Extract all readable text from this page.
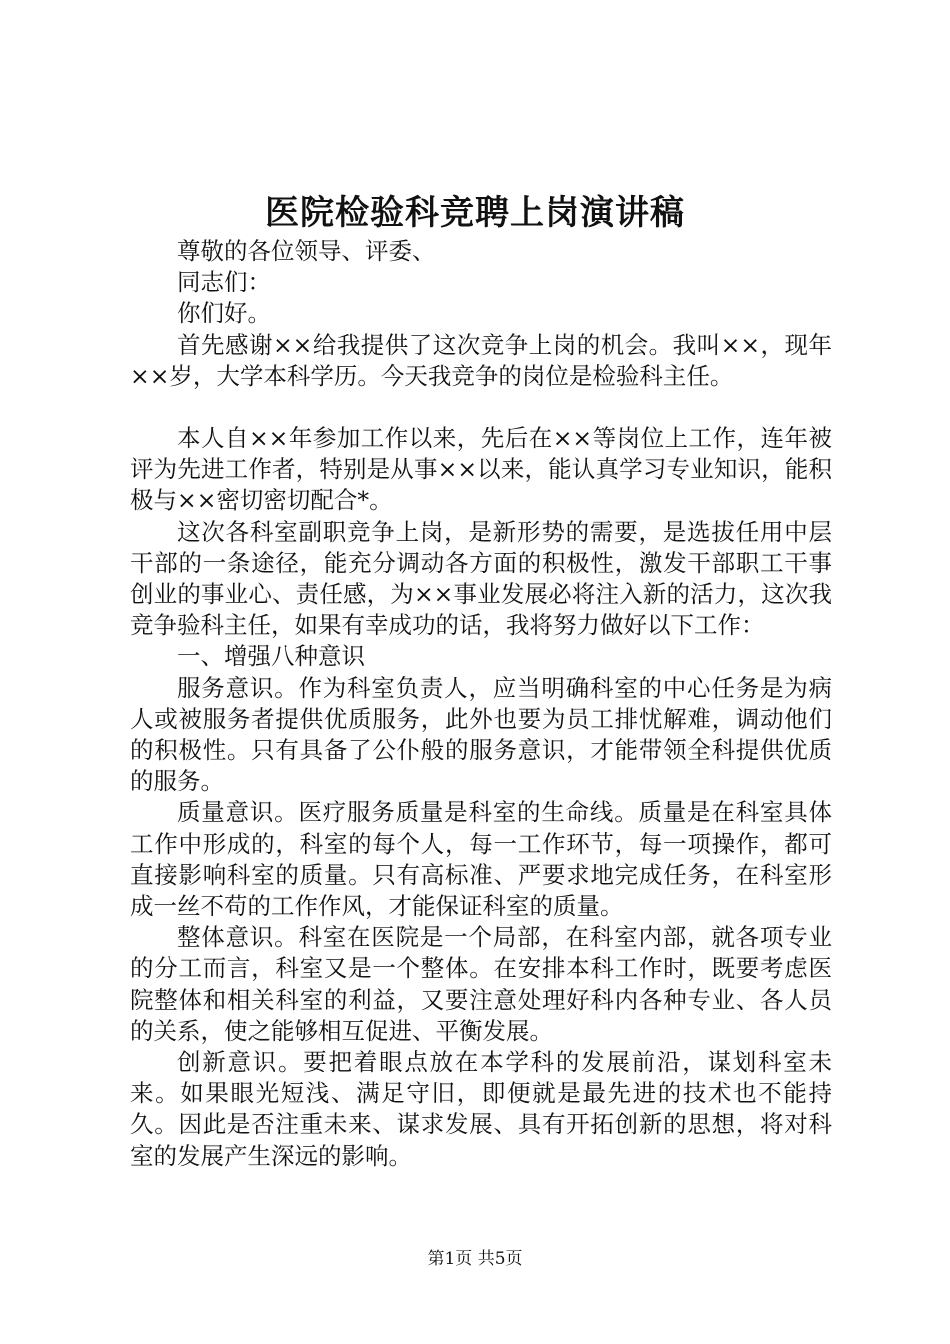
医院检验科竞聘上岗演讲稿

尊敬的各位领导、评委、

同志们：

你们好。

首先感谢××给我提供了这次竞争上岗的机会。我叫××，现年××岁，大学本科学历。今天我竞争的岗位是检验科主任。

本人自××年参加工作以来，先后在××等岗位上工作，连年被评为先进工作者，特别是从事××以来，能认真学习专业知识，能积极与××密切密切配合*。

这次各科室副职竞争上岗，是新形势的需要，是选拔任用中层干部的一条途径，能充分调动各方面的积极性，激发干部职工干事创业的事业心、责任感，为××事业发展必将注入新的活力，这次我竞争验科主任，如果有幸成功的话，我将努力做好以下工作：

一、增强八种意识

服务意识。作为科室负责人，应当明确科室的中心任务是为病人或被服务者提供优质服务，此外也要为员工排忧解难，调动他们的积极性。只有具备了公仆般的服务意识，才能带领全科提供优质的服务。

质量意识。医疗服务质量是科室的生命线。质量是在科室具体工作中形成的，科室的每个人，每一工作环节，每一项操作，都可直接影响科室的质量。只有高标准、严要求地完成任务，在科室形成一丝不苟的工作作风，才能保证科室的质量。

整体意识。科室在医院是一个局部，在科室内部，就各项专业的分工而言，科室又是一个整体。在安排本科工作时，既要考虑医院整体和相关科室的利益，又要注意处理好科内各种专业、各人员的关系，使之能够相互促进、平衡发展。

创新意识。要把着眼点放在本学科的发展前沿，谋划科室未来。如果眼光短浅、满足守旧，即便就是最先进的技术也不能持久。因此是否注重未来、谋求发展、具有开拓创新的思想，将对科室的发展产生深远的影响。

第1页 共5页
